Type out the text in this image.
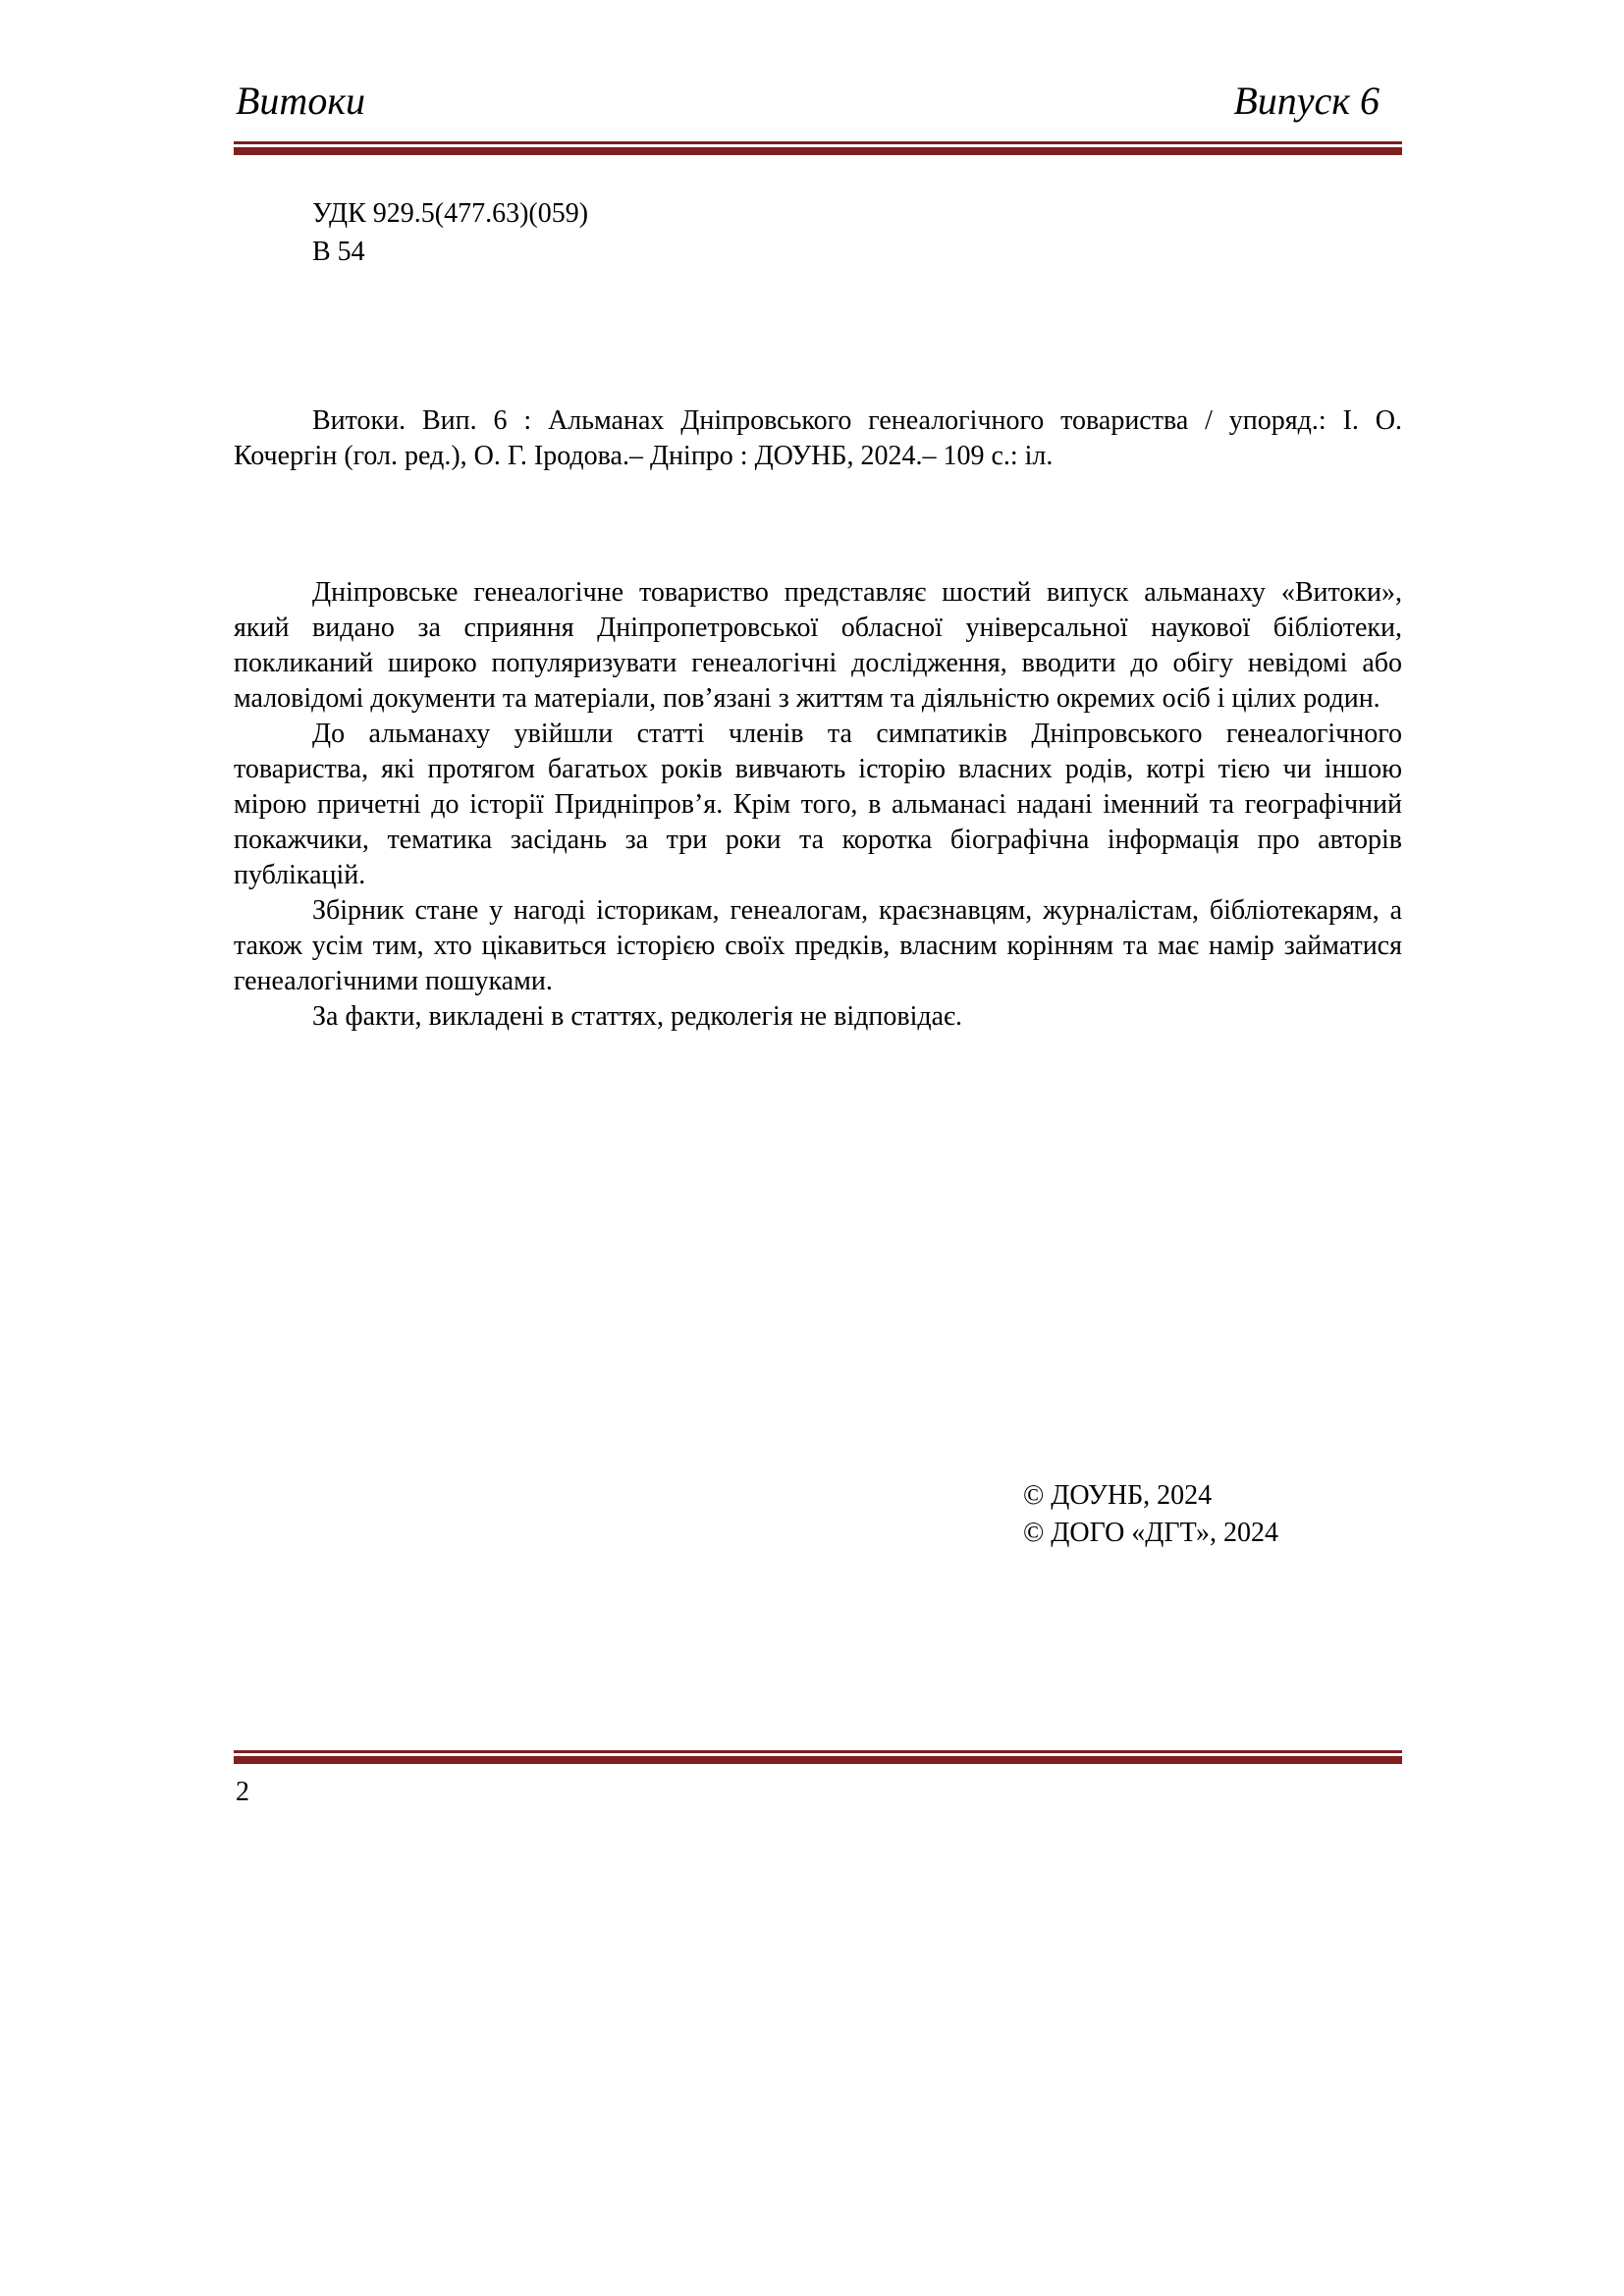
Витоки	Випуск 6
УДК 929.5(477.63)(059)
В 54

Витоки. Вип. 6 : Альманах Дніпровського генеалогічного товариства / упоряд.: І. О. Кочергін (гол. ред.), О. Г. Іродова.– Дніпро : ДОУНБ, 2024.– 109 с.: іл.

Дніпровське генеалогічне товариство представляє шостий випуск альманаху «Витоки», який видано за сприяння Дніпропетровської обласної універсальної наукової бібліотеки, покликаний широко популяризувати генеалогічні дослідження, вводити до обігу невідомі або маловідомі документи та матеріали, пов’язані з життям та діяльністю окремих осіб і цілих родин.

До альманаху увійшли статті членів та симпатиків Дніпровського генеалогічного товариства, які протягом багатьох років вивчають історію власних родів, котрі тією чи іншою мірою причетні до історії Придніпров’я. Крім того, в альманасі надані іменний та географічний покажчики, тематика засідань за три роки та коротка біографічна інформація про авторів публікацій.

Збірник стане у нагоді історикам, генеалогам, краєзнавцям, журналістам, бібліотекарям, а також усім тим, хто цікавиться історією своїх предків, власним корінням та має намір займатися генеалогічними пошуками.

За факти, викладені в статтях, редколегія не відповідає.

© ДОУНБ, 2024
© ДОГО «ДГТ», 2024
2
